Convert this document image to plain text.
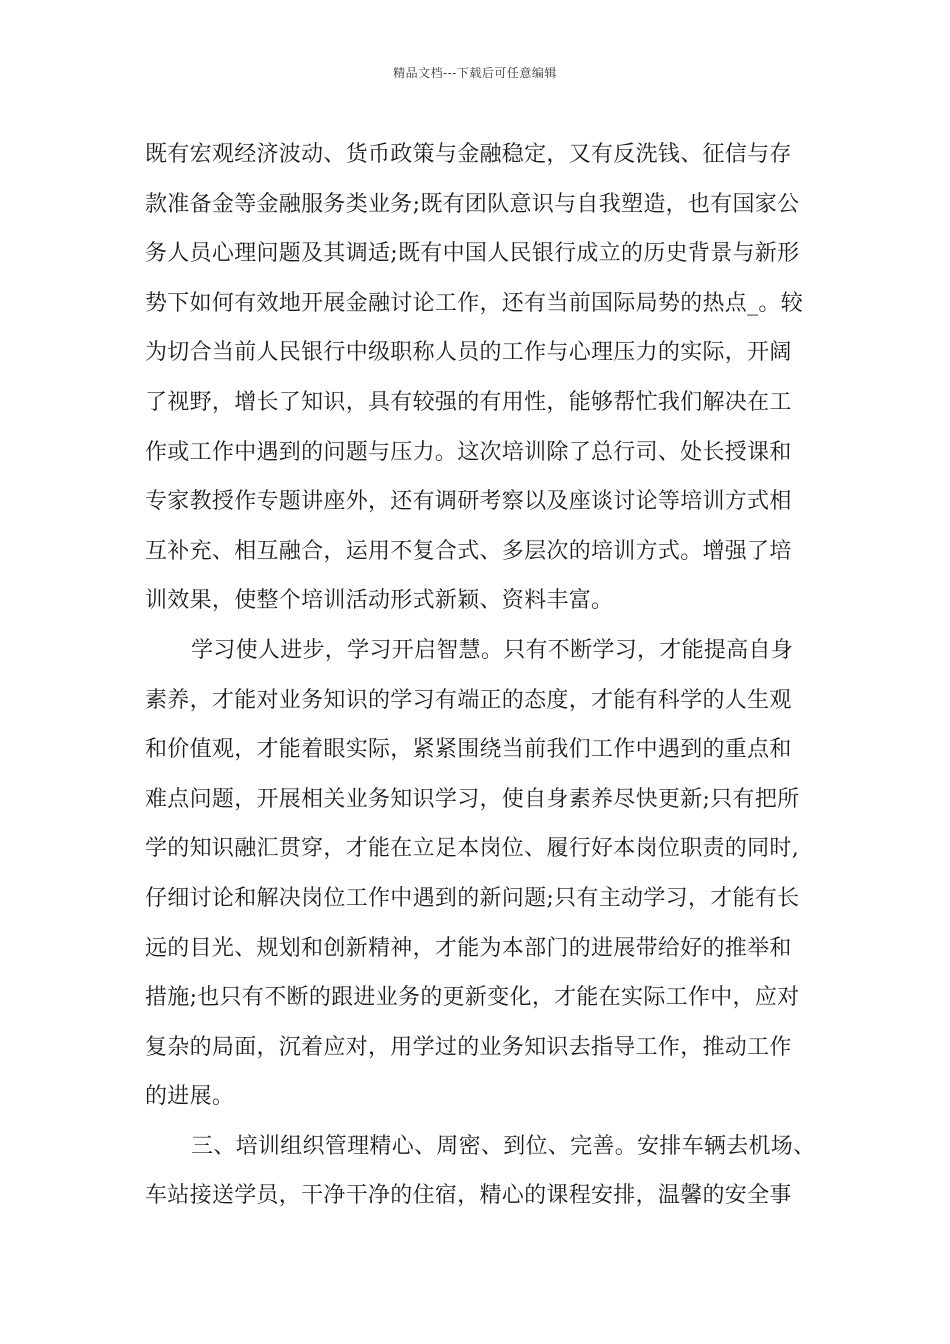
精品文档---下载后可任意编辑
既有宏观经济波动、货币政策与金融稳定，又有反洗钱、征信与存
款准备金等金融服务类业务;既有团队意识与自我塑造，也有国家公
务人员心理问题及其调适;既有中国人民银行成立的历史背景与新形
势下如何有效地开展金融讨论工作，还有当前国际局势的热点_。较
为切合当前人民银行中级职称人员的工作与心理压力的实际，开阔
了视野，增长了知识，具有较强的有用性，能够帮忙我们解决在工
作或工作中遇到的问题与压力。这次培训除了总行司、处长授课和
专家教授作专题讲座外，还有调研考察以及座谈讨论等培训方式相
互补充、相互融合，运用不复合式、多层次的培训方式。增强了培
训效果，使整个培训活动形式新颖、资料丰富。
学习使人进步，学习开启智慧。只有不断学习，才能提高自身
素养，才能对业务知识的学习有端正的态度，才能有科学的人生观
和价值观，才能着眼实际，紧紧围绕当前我们工作中遇到的重点和
难点问题，开展相关业务知识学习，使自身素养尽快更新;只有把所
学的知识融汇贯穿，才能在立足本岗位、履行好本岗位职责的同时,
仔细讨论和解决岗位工作中遇到的新问题;只有主动学习，才能有长
远的目光、规划和创新精神，才能为本部门的进展带给好的推举和
措施;也只有不断的跟进业务的更新变化，才能在实际工作中，应对
复杂的局面，沉着应对，用学过的业务知识去指导工作，推动工作
的进展。
三、培训组织管理精心、周密、到位、完善。安排车辆去机场、
车站接送学员，干净干净的住宿，精心的课程安排，温馨的安全事
